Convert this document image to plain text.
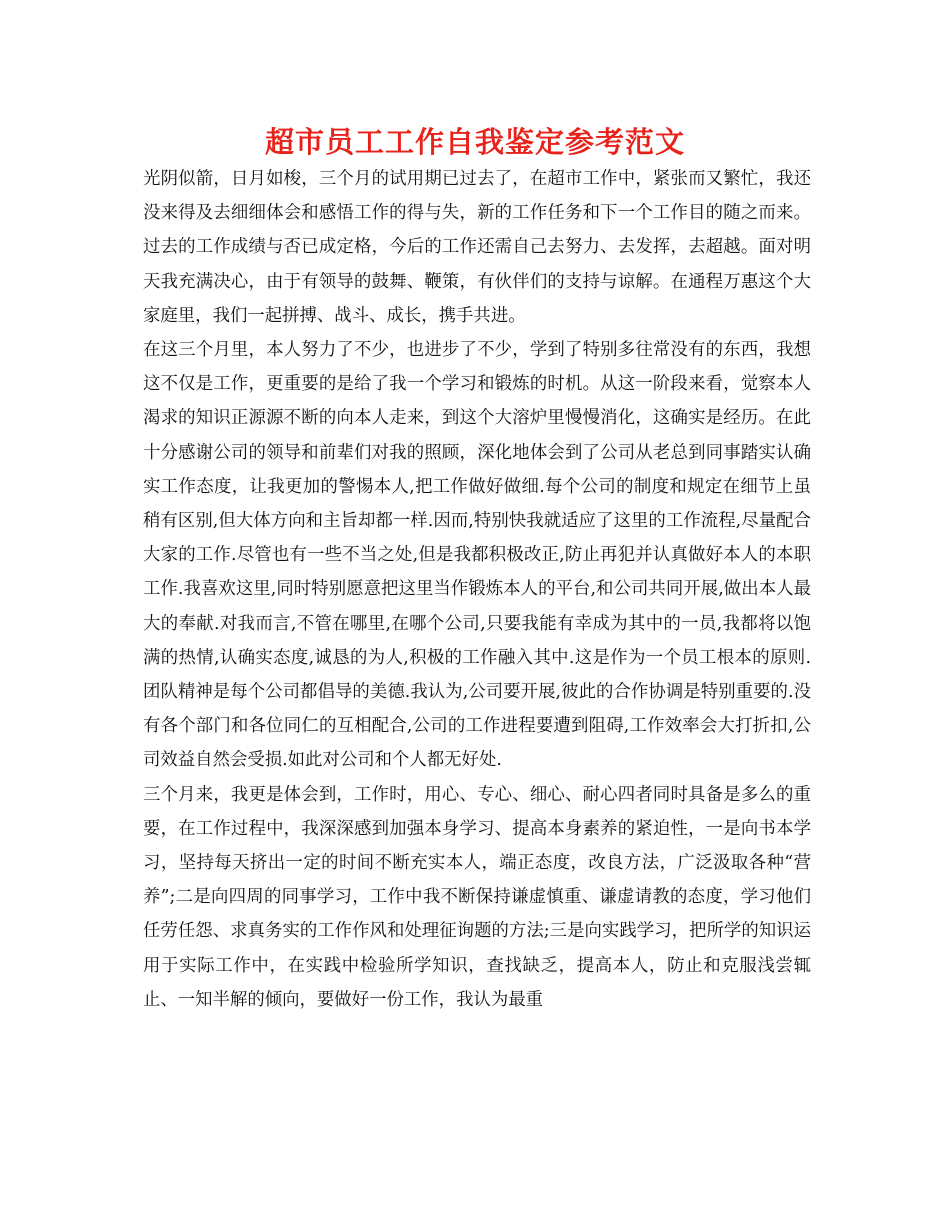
超市员工工作自我鉴定参考范文

光阴似箭，日月如梭，三个月的试用期已过去了，在超市工作中，紧张而又繁忙，我还没来得及去细细体会和感悟工作的得与失，新的工作任务和下一个工作目的随之而来。过去的工作成绩与否已成定格，今后的工作还需自己去努力、去发挥，去超越。面对明天我充满决心，由于有领导的鼓舞、鞭策，有伙伴们的支持与谅解。在通程万惠这个大家庭里，我们一起拼搏、战斗、成长，携手共进。

在这三个月里，本人努力了不少，也进步了不少，学到了特别多往常没有的东西，我想这不仅是工作，更重要的是给了我一个学习和锻炼的时机。从这一阶段来看，觉察本人渴求的知识正源源不断的向本人走来，到这个大溶炉里慢慢消化，这确实是经历。在此十分感谢公司的领导和前辈们对我的照顾，深化地体会到了公司从老总到同事踏实认确实工作态度，让我更加的警惕本人,把工作做好做细.每个公司的制度和规定在细节上虽稍有区别,但大体方向和主旨却都一样.因而,特别快我就适应了这里的工作流程,尽量配合大家的工作.尽管也有一些不当之处,但是我都积极改正,防止再犯并认真做好本人的本职工作.我喜欢这里,同时特别愿意把这里当作锻炼本人的平台,和公司共同开展,做出本人最大的奉献.对我而言,不管在哪里,在哪个公司,只要我能有幸成为其中的一员,我都将以饱满的热情,认确实态度,诚恳的为人,积极的工作融入其中.这是作为一个员工根本的原则.团队精神是每个公司都倡导的美德.我认为,公司要开展,彼此的合作协调是特别重要的.没有各个部门和各位同仁的互相配合,公司的工作进程要遭到阻碍,工作效率会大打折扣,公司效益自然会受损.如此对公司和个人都无好处.

三个月来，我更是体会到，工作时，用心、专心、细心、耐心四者同时具备是多么的重要，在工作过程中，我深深感到加强本身学习、提高本身素养的紧迫性，一是向书本学习，坚持每天挤出一定的时间不断充实本人，端正态度，改良方法，广泛汲取各种“营养”;二是向四周的同事学习，工作中我不断保持谦虚慎重、谦虚请教的态度，学习他们任劳任怨、求真务实的工作作风和处理征询题的方法;三是向实践学习，把所学的知识运用于实际工作中，在实践中检验所学知识，查找缺乏，提高本人，防止和克服浅尝辄止、一知半解的倾向，要做好一份工作，我认为最重
